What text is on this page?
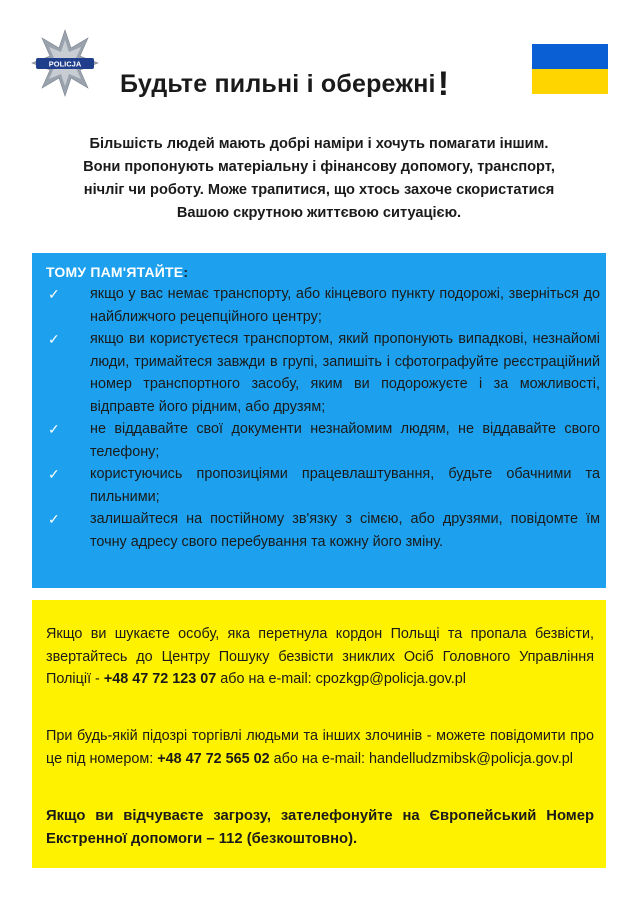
POLICJA
Будьте пильні і обережні!
Більшість людей мають добрі наміри і хочуть помагати іншим.
Вони пропонують матеріальну і фінансову допомогу, транспорт,
нічліг чи роботу. Може трапитися, що хтось захоче скористатися
Вашою скрутною життєвою ситуацією.
ТОМУ ПАМ'ЯТАЙТЕ:
✓ якщо у вас немає транспорту, або кінцевого пункту подорожі, зверніться до найближчого рецепційного центру;
✓ якщо ви користуєтеся транспортом, який пропонують випадкові, незнайомі люди, тримайтеся завжди в групі, запишіть і сфотографуйте реєстраційний номер транспортного засобу, яким ви подорожуєте і за можливості, відправте його рідним, або друзям;
✓ не віддавайте свої документи незнайомим людям, не віддавайте свого телефону;
✓ користуючись пропозиціями працевлаштування, будьте обачними та пильними;
✓ залишайтеся на постійному зв'язку з сімєю, або друзями, повідомте їм точну адресу свого перебування та кожну його зміну.

Якщо ви шукаєте особу, яка перетнула кордон Польщі та пропала безвісти, звертайтесь до Центру Пошуку безвісти зниклих Осіб Головного Управління Поліції - +48 47 72 123 07 або на e-mail: cpozkgp@policja.gov.pl

При будь-якій підозрі торгівлі людьми та інших злочинів - можете повідомити про це під номером: +48 47 72 565 02 або на e-mail: handelludzmibsk@policja.gov.pl

Якщо ви відчуваєте загрозу, зателефонуйте на Європейський Номер Екстренної допомоги – 112 (безкоштовно).
